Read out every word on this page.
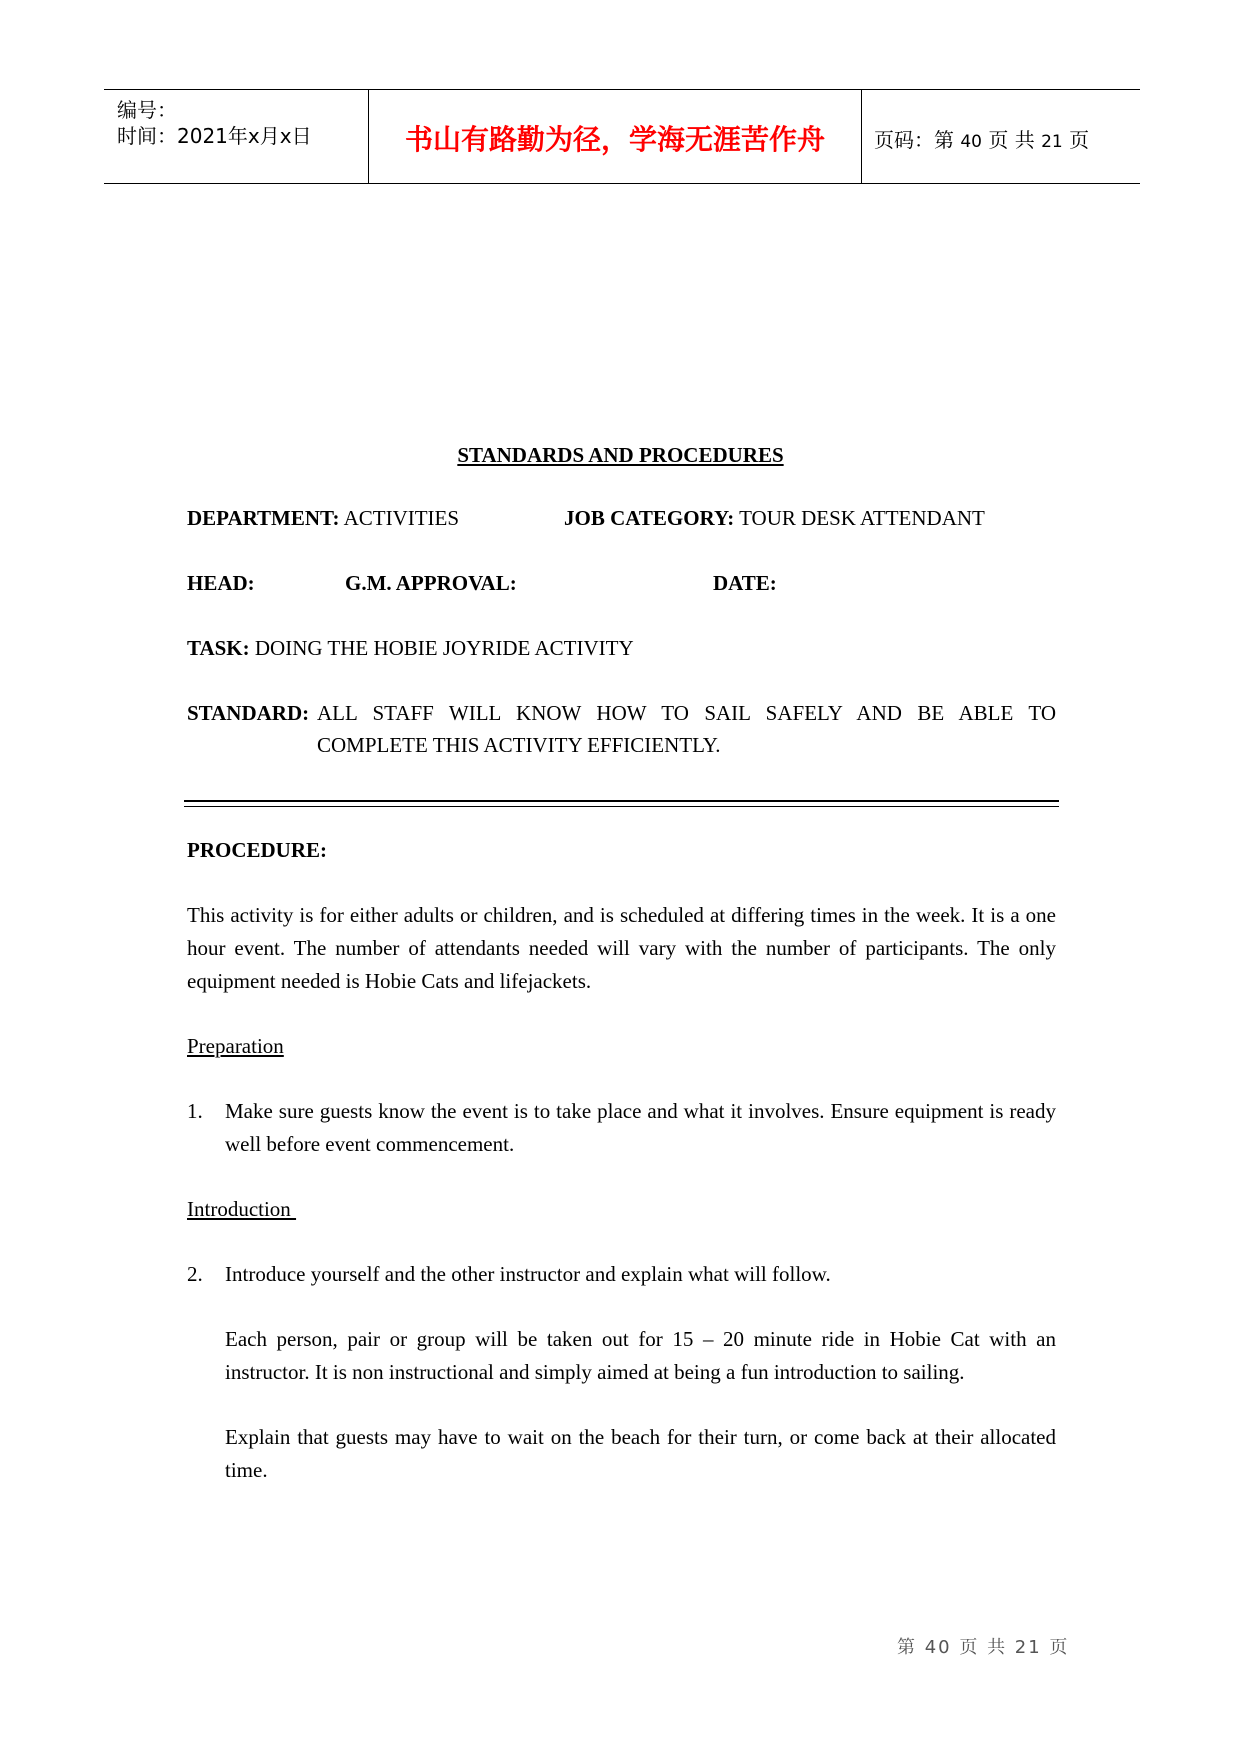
编号：
时间：2021年x月x日	书山有路勤为径，学海无涯苦作舟	页码：第 40 页 共 21 页
STANDARDS AND PROCEDURES
DEPARTMENT: ACTIVITIES	JOB CATEGORY: TOUR DESK ATTENDANT
HEAD:	G.M. APPROVAL:	DATE:
TASK: DOING THE HOBIE JOYRIDE ACTIVITY
STANDARD: ALL STAFF WILL KNOW HOW TO SAIL SAFELY AND BE ABLE TO
COMPLETE THIS ACTIVITY EFFICIENTLY.
PROCEDURE:
This activity is for either adults or children, and is scheduled at differing times in the week. It is a one hour event. The number of attendants needed will vary with the number of participants. The only equipment needed is Hobie Cats and lifejackets.
Preparation
1. Make sure guests know the event is to take place and what it involves. Ensure equipment is ready well before event commencement.
Introduction
2. Introduce yourself and the other instructor and explain what will follow.
Each person, pair or group will be taken out for 15 – 20 minute ride in Hobie Cat with an instructor. It is non instructional and simply aimed at being a fun introduction to sailing.
Explain that guests may have to wait on the beach for their turn, or come back at their allocated time.
第 40 页 共 21 页
